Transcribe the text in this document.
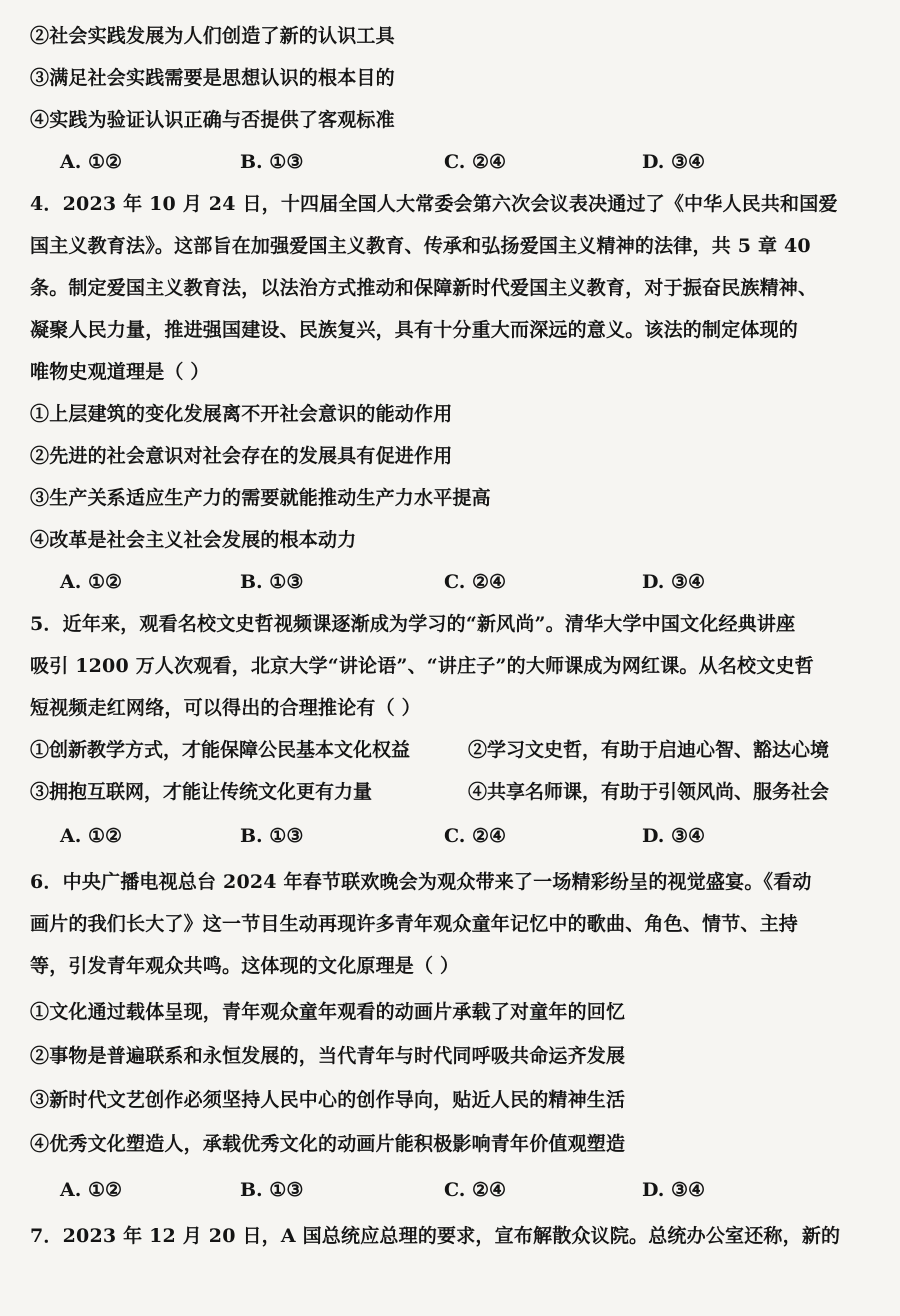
②社会实践发展为人们创造了新的认识工具
③满足社会实践需要是思想认识的根本目的
④实践为验证认识正确与否提供了客观标准
A. ①②	B. ①③	C. ②④	D. ③④
4．2023 年 10 月 24 日，十四届全国人大常委会第六次会议表决通过了《中华人民共和国爱
国主义教育法》。这部旨在加强爱国主义教育、传承和弘扬爱国主义精神的法律，共 5 章 40
条。制定爱国主义教育法，以法治方式推动和保障新时代爱国主义教育，对于振奋民族精神、
凝聚人民力量，推进强国建设、民族复兴，具有十分重大而深远的意义。该法的制定体现的
唯物史观道理是（ ）
①上层建筑的变化发展离不开社会意识的能动作用
②先进的社会意识对社会存在的发展具有促进作用
③生产关系适应生产力的需要就能推动生产力水平提高
④改革是社会主义社会发展的根本动力
A. ①②	B. ①③	C. ②④	D. ③④
5．近年来，观看名校文史哲视频课逐渐成为学习的“新风尚”。清华大学中国文化经典讲座
吸引 1200 万人次观看，北京大学“讲论语”、“讲庄子”的大师课成为网红课。从名校文史哲
短视频走红网络，可以得出的合理推论有（ ）
①创新教学方式，才能保障公民基本文化权益	②学习文史哲，有助于启迪心智、豁达心境
③拥抱互联网，才能让传统文化更有力量	④共享名师课，有助于引领风尚、服务社会
A. ①②	B. ①③	C. ②④	D. ③④
6．中央广播电视总台 2024 年春节联欢晚会为观众带来了一场精彩纷呈的视觉盛宴。《看动
画片的我们长大了》这一节目生动再现许多青年观众童年记忆中的歌曲、角色、情节、主持
等，引发青年观众共鸣。这体现的文化原理是（ ）
①文化通过载体呈现，青年观众童年观看的动画片承载了对童年的回忆
②事物是普遍联系和永恒发展的，当代青年与时代同呼吸共命运齐发展
③新时代文艺创作必须坚持人民中心的创作导向，贴近人民的精神生活
④优秀文化塑造人，承载优秀文化的动画片能积极影响青年价值观塑造
A. ①②	B. ①③	C. ②④	D. ③④
7．2023 年 12 月 20 日，A 国总统应总理的要求，宣布解散众议院。总统办公室还称，新的
